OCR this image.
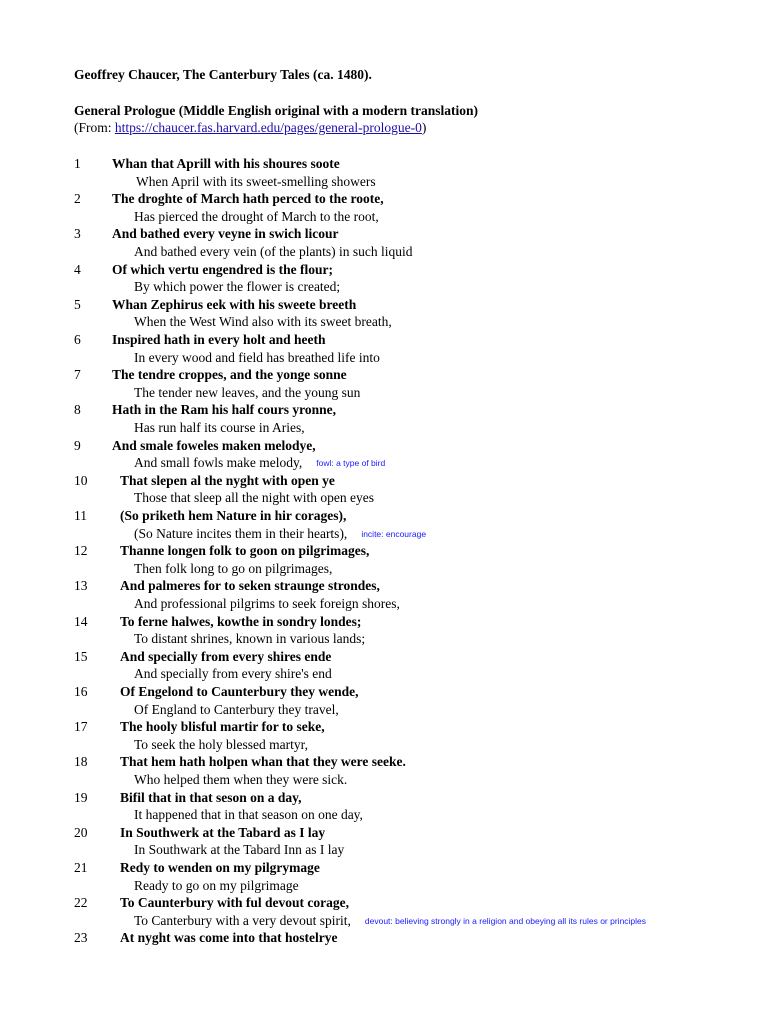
Geoffrey Chaucer, The Canterbury Tales (ca. 1480).
General Prologue (Middle English original with a modern translation)
(From: https://chaucer.fas.harvard.edu/pages/general-prologue-0)
1 Whan that Aprill with his shoures soote
When April with its sweet-smelling showers
2 The droghte of March hath perced to the roote,
Has pierced the drought of March to the root,
3 And bathed every veyne in swich licour
And bathed every vein (of the plants) in such liquid
4 Of which vertu engendred is the flour;
By which power the flower is created;
5 Whan Zephirus eek with his sweete breeth
When the West Wind also with its sweet breath,
6 Inspired hath in every holt and heeth
In every wood and field has breathed life into
7 The tendre croppes, and the yonge sonne
The tender new leaves, and the young sun
8 Hath in the Ram his half cours yronne,
Has run half its course in Aries,
9 And smale foweles maken melodye,
And small fowls make melody, fowl: a type of bird
10 That slepen al the nyght with open ye
Those that sleep all the night with open eyes
11 (So priketh hem Nature in hir corages),
(So Nature incites them in their hearts), incite: encourage
12 Thanne longen folk to goon on pilgrimages,
Then folk long to go on pilgrimages,
13 And palmeres for to seken straunge strondes,
And professional pilgrims to seek foreign shores,
14 To ferne halwes, kowthe in sondry londes;
To distant shrines, known in various lands;
15 And specially from every shires ende
And specially from every shire's end
16 Of Engelond to Caunterbury they wende,
Of England to Canterbury they travel,
17 The hooly blisful martir for to seke,
To seek the holy blessed martyr,
18 That hem hath holpen whan that they were seeke.
Who helped them when they were sick.
19 Bifil that in that seson on a day,
It happened that in that season on one day,
20 In Southwerk at the Tabard as I lay
In Southwark at the Tabard Inn as I lay
21 Redy to wenden on my pilgrymage
Ready to go on my pilgrimage
22 To Caunterbury with ful devout corage,
To Canterbury with a very devout spirit, devout: believing strongly in a religion and obeying all its rules or principles
23 At nyght was come into that hostelrye
